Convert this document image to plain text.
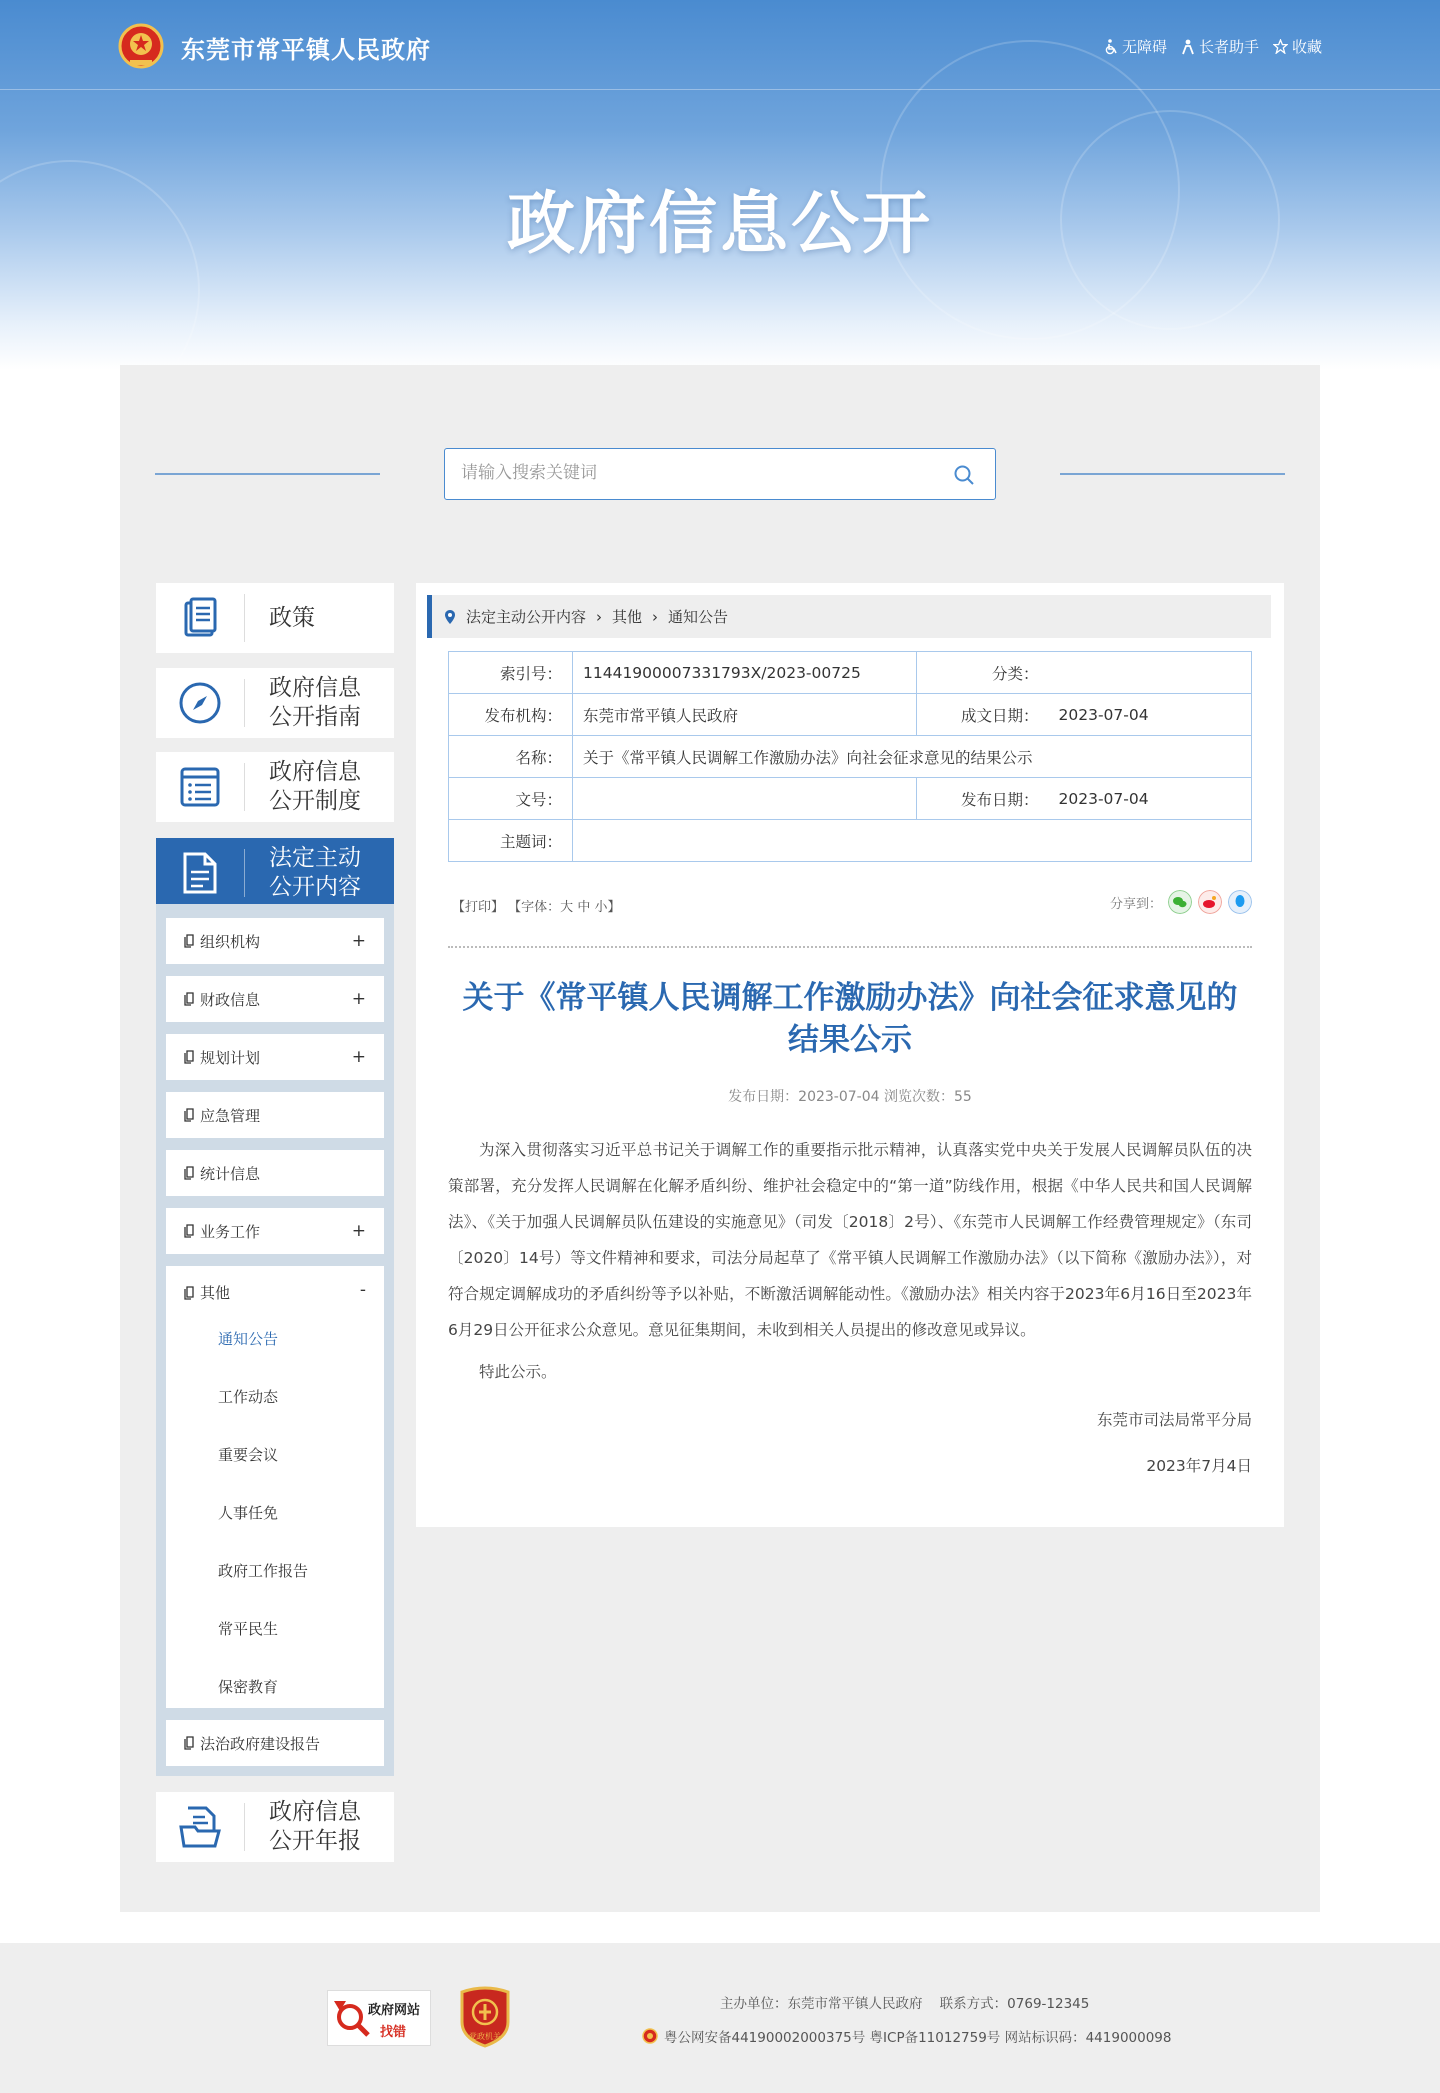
东莞市常平镇人民政府	无障碍 长者助手 收藏
政府信息公开
请输入搜索关键词
政策
政府信息
公开指南
政府信息
公开制度
法定主动
公开内容
组织机构	+
财政信息	+
规划计划	+
应急管理
统计信息
业务工作	+
其他	-
通知公告
工作动态
重要会议
人事任免
政府工作报告
常平民生
保密教育
法治政府建设报告
政府信息
公开年报
法定主动公开内容 › 其他 › 通知公告
索引号：	11441900007331793X/2023-00725	分类：	
发布机构：	东莞市常平镇人民政府	成文日期：	2023-07-04
名称：	关于《常平镇人民调解工作激励办法》向社会征求意见的结果公示		
文号：		发布日期：	2023-07-04
主题词：			
【打印】 【字体：大 中 小】	分享到：
关于《常平镇人民调解工作激励办法》向社会征求意见的结果公示
发布日期：2023-07-04 浏览次数：55

为深入贯彻落实习近平总书记关于调解工作的重要指示批示精神，认真落实党中央关于发展人民调解员队伍的决策部署，充分发挥人民调解在化解矛盾纠纷、维护社会稳定中的“第一道”防线作用，根据《中华人民共和国人民调解法》、《关于加强人民调解员队伍建设的实施意见》（司发〔2018〕2号）、《东莞市人民调解工作经费管理规定》（东司〔2020〕14号）等文件精神和要求，司法分局起草了《常平镇人民调解工作激励办法》（以下简称《激励办法》），对符合规定调解成功的矛盾纠纷等予以补贴，不断激活调解能动性。《激励办法》相关内容于2023年6月16日至2023年6月29日公开征求公众意见。意见征集期间，未收到相关人员提出的修改意见或异议。

特此公示。

东莞市司法局常平分局
2023年7月4日
政府网站
找错	党政机关
主办单位：东莞市常平镇人民政府 联系方式：0769-12345
粤公网安备44190002000375号 粤ICP备11012759号 网站标识码：4419000098
